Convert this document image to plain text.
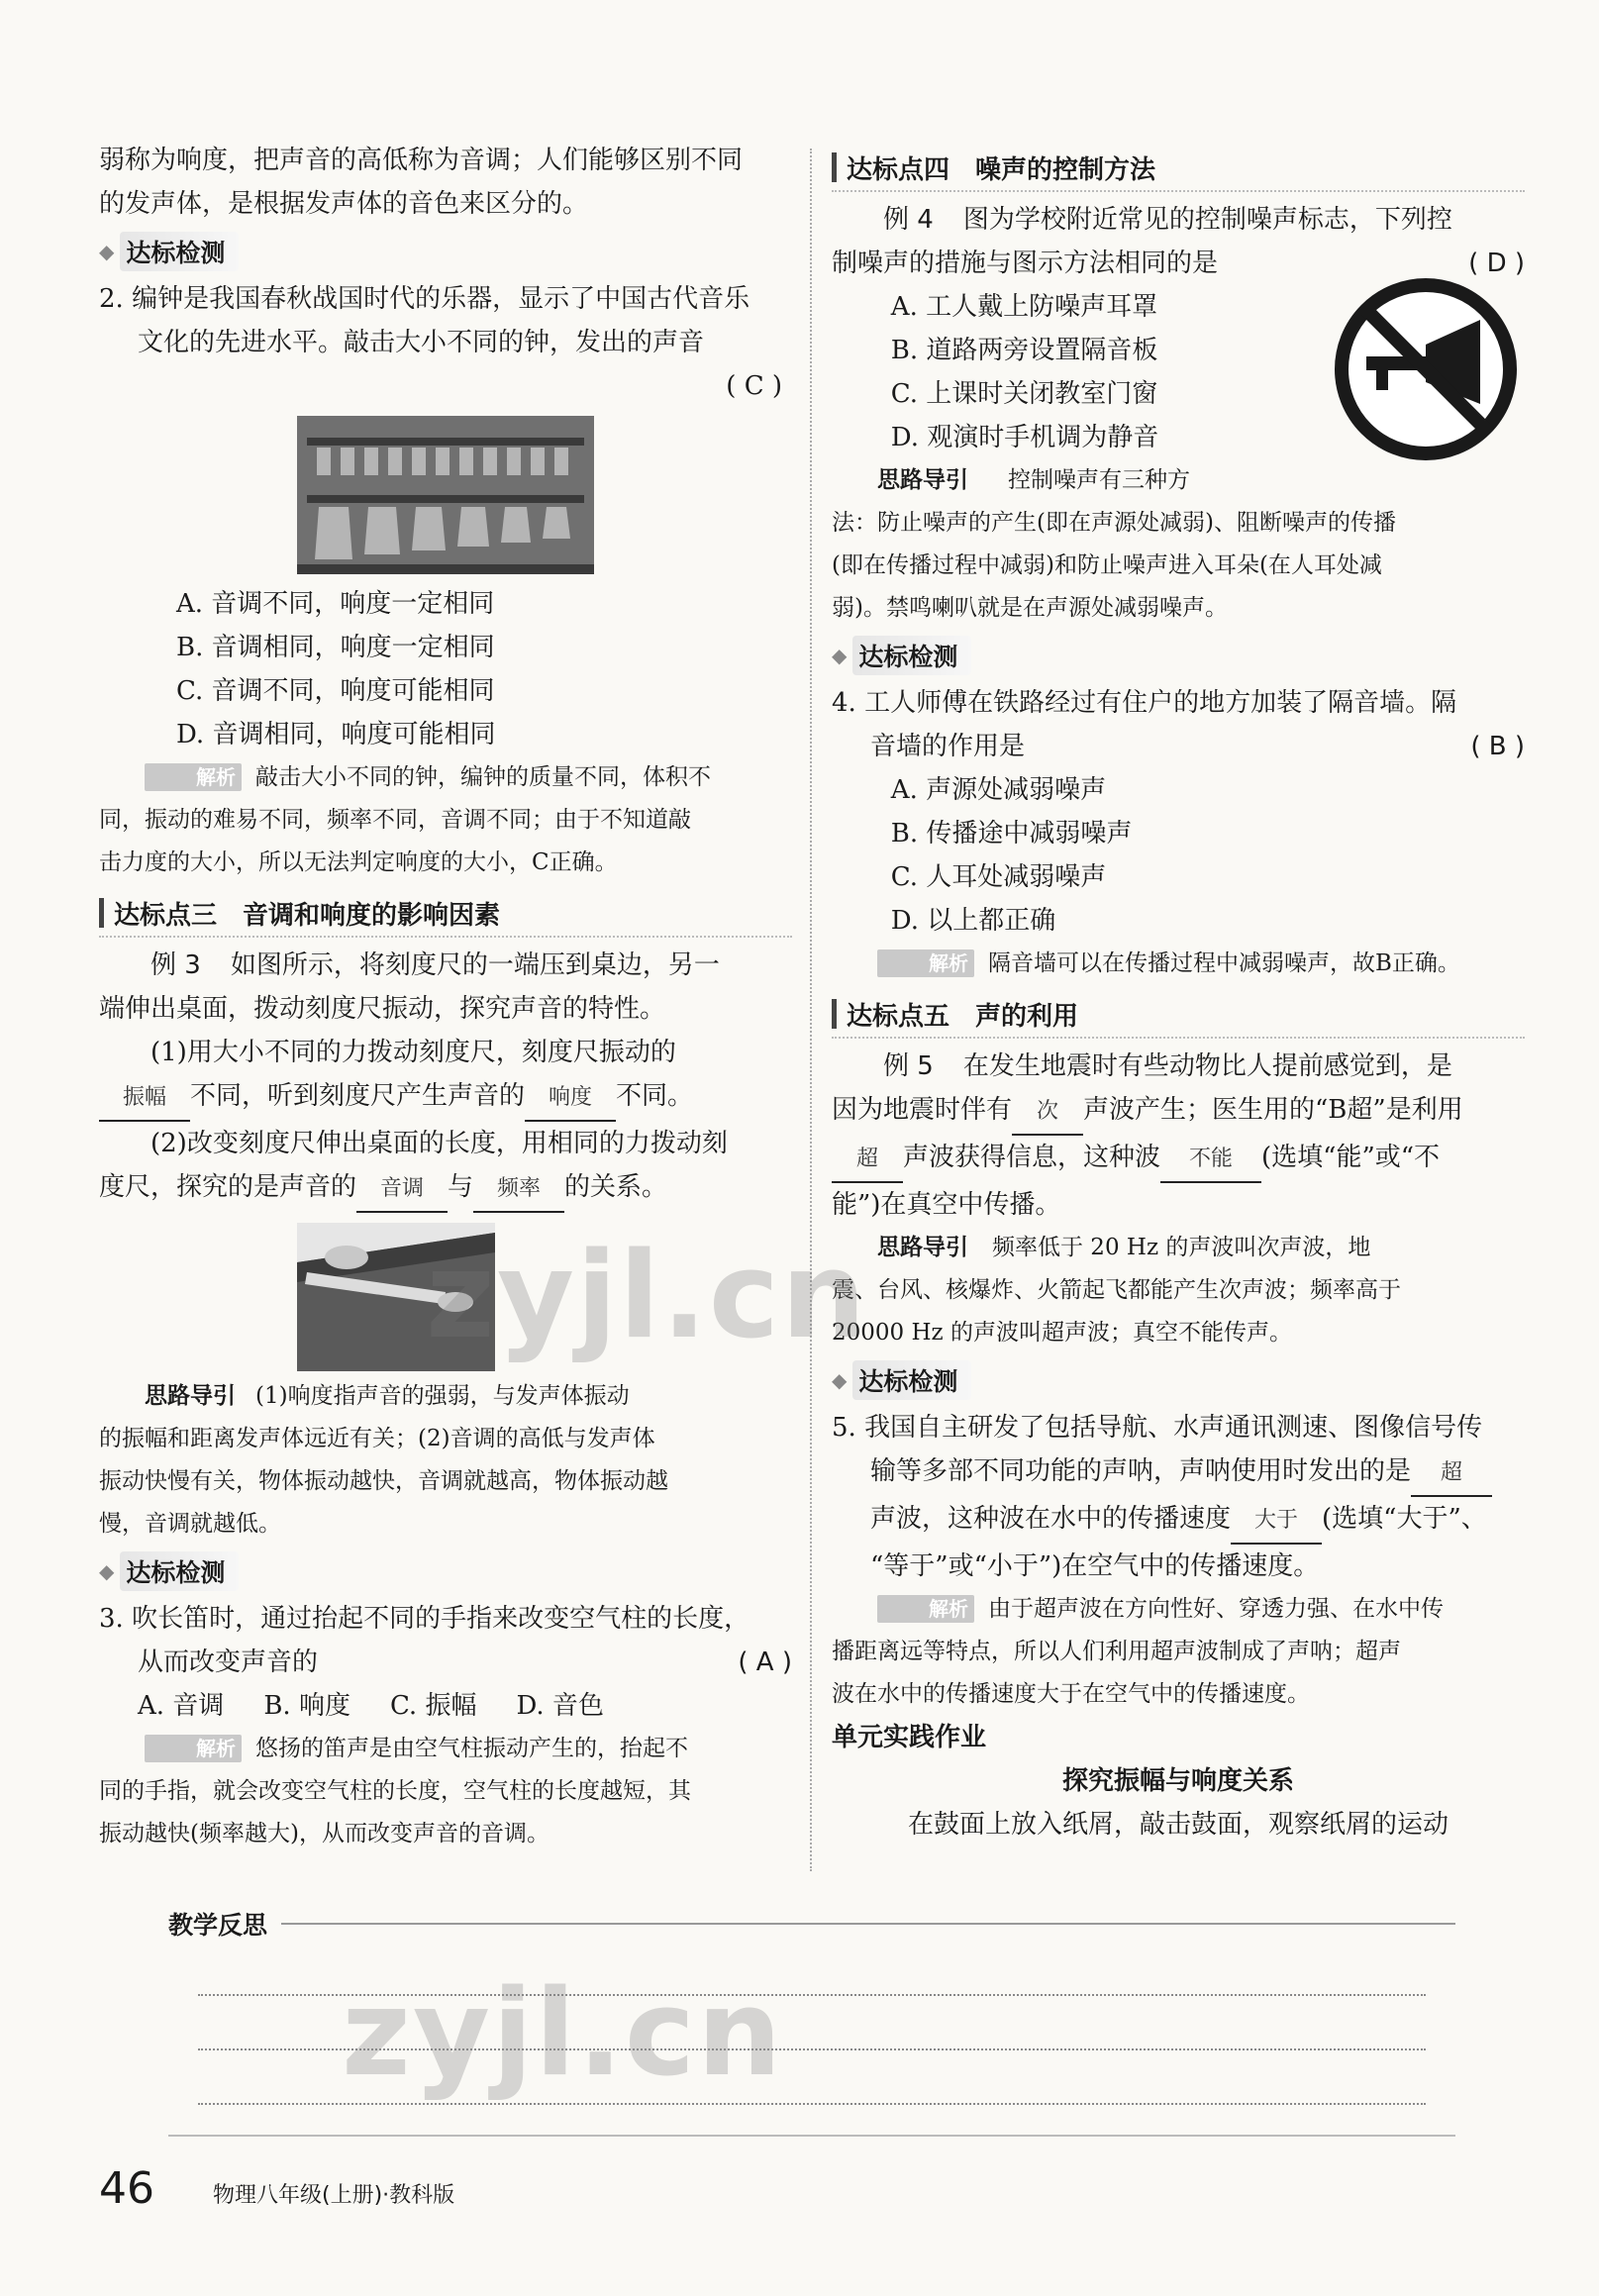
弱称为响度，把声音的高低称为音调；人们能够区别不同

的发声体，是根据发声体的音色来区分的。

◆ 达标检测

2. 编钟是我国春秋战国时代的乐器，显示了中国古代音乐

文化的先进水平。敲击大小不同的钟，发出的声音

( C )

A. 音调不同，响度一定相同

B. 音调相同，响度一定相同

C. 音调不同，响度可能相同

D. 音调相同，响度可能相同

解析 敲击大小不同的钟，编钟的质量不同，体积不

同，振动的难易不同，频率不同，音调不同；由于不知道敲

击力度的大小，所以无法判定响度的大小，C正确。

达标点三　音调和响度的影响因素

例 3 如图所示，将刻度尺的一端压到桌边，另一

端伸出桌面，拨动刻度尺振动，探究声音的特性。

(1)用大小不同的力拨动刻度尺，刻度尺振动的

振幅 不同，听到刻度尺产生声音的 响度 不同。

(2)改变刻度尺伸出桌面的长度，用相同的力拨动刻

度尺，探究的是声音的 音调 与 频率 的关系。

思路导引 (1)响度指声音的强弱，与发声体振动

的振幅和距离发声体远近有关；(2)音调的高低与发声体

振动快慢有关，物体振动越快，音调就越高，物体振动越

慢，音调就越低。

◆ 达标检测

3. 吹长笛时，通过抬起不同的手指来改变空气柱的长度，

从而改变声音的	( A )

A. 音调 B. 响度 C. 振幅 D. 音色

解析 悠扬的笛声是由空气柱振动产生的，抬起不

同的手指，就会改变空气柱的长度，空气柱的长度越短，其

振动越快(频率越大)，从而改变声音的音调。

达标点四　噪声的控制方法

例 4 图为学校附近常见的控制噪声标志，下列控

制噪声的措施与图示方法相同的是	( D )

A. 工人戴上防噪声耳罩

B. 道路两旁设置隔音板

C. 上课时关闭教室门窗

D. 观演时手机调为静音

思路导引 控制噪声有三种方

法：防止噪声的产生(即在声源处减弱)、阻断噪声的传播

(即在传播过程中减弱)和防止噪声进入耳朵(在人耳处减

弱)。禁鸣喇叭就是在声源处减弱噪声。

◆ 达标检测

4. 工人师傅在铁路经过有住户的地方加装了隔音墙。隔

音墙的作用是	( B )

A. 声源处减弱噪声

B. 传播途中减弱噪声

C. 人耳处减弱噪声

D. 以上都正确

解析 隔音墙可以在传播过程中减弱噪声，故B正确。

达标点五　声的利用

例 5 在发生地震时有些动物比人提前感觉到，是

因为地震时伴有 次 声波产生；医生用的“B超”是利用

超 声波获得信息，这种波 不能 (选填“能”或“不

能”)在真空中传播。

思路导引 频率低于 20 Hz 的声波叫次声波，地

震、台风、核爆炸、火箭起飞都能产生次声波；频率高于

20000 Hz 的声波叫超声波；真空不能传声。

◆ 达标检测

5. 我国自主研发了包括导航、水声通讯测速、图像信号传

输等多部不同功能的声呐，声呐使用时发出的是 超

声波，这种波在水中的传播速度 大于 (选填“大于”、

“等于”或“小于”)在空气中的传播速度。

解析 由于超声波在方向性好、穿透力强、在水中传

播距离远等特点，所以人们利用超声波制成了声呐；超声

波在水中的传播速度大于在空气中的传播速度。

单元实践作业

探究振幅与响度关系

在鼓面上放入纸屑，敲击鼓面，观察纸屑的运动

zyjl.cn
zyjl.cn
教学反思
46	物理八年级(上册)·教科版
